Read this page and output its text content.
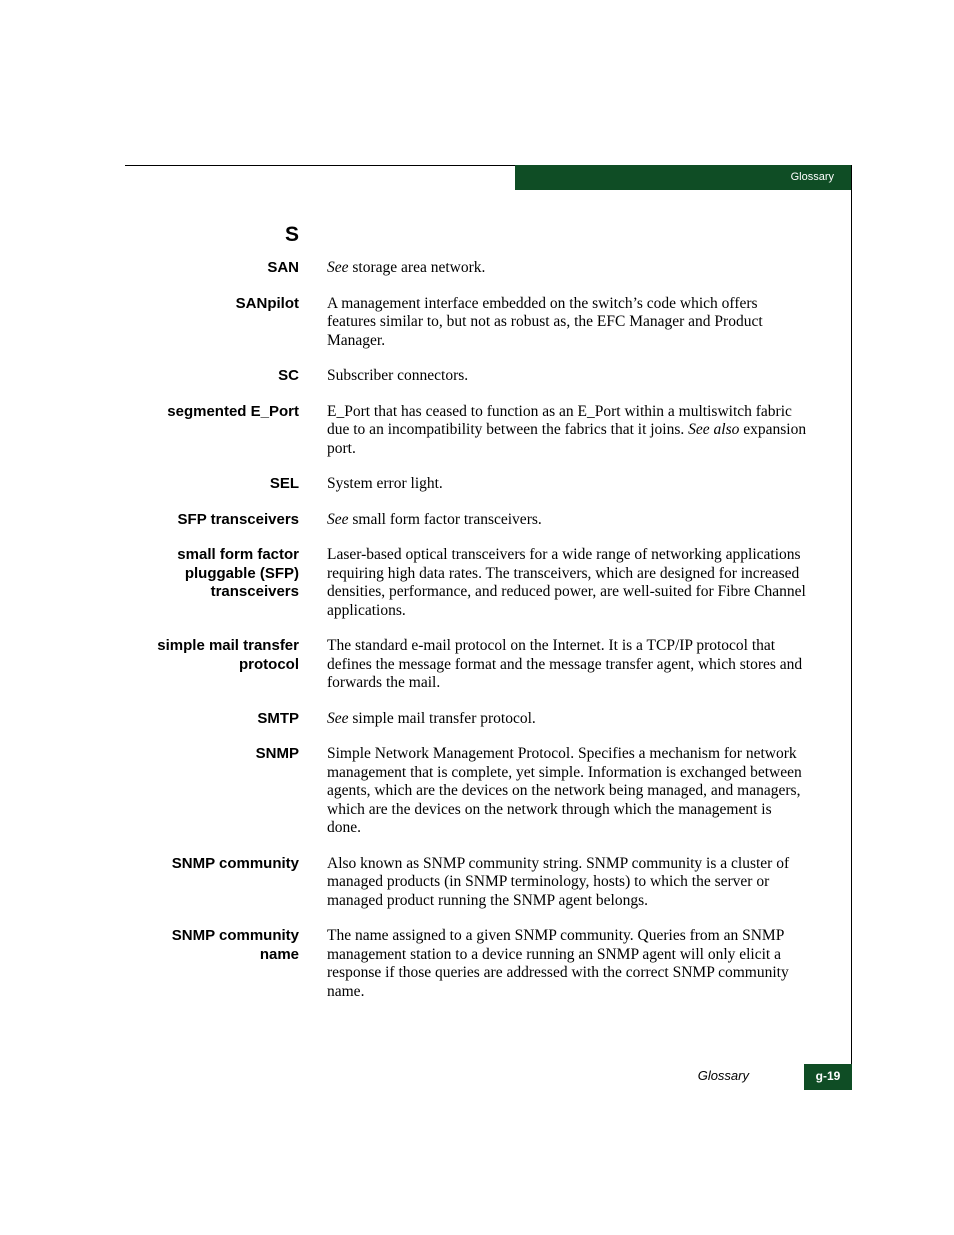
Glossary
S
SAN See storage area network.
SANpilot A management interface embedded on the switch’s code which offers features similar to, but not as robust as, the EFC Manager and Product Manager.
SC Subscriber connectors.
segmented E_Port E_Port that has ceased to function as an E_Port within a multiswitch fabric due to an incompatibility between the fabrics that it joins. See also expansion port.
SEL System error light.
SFP transceivers See small form factor transceivers.
small form factor pluggable (SFP) transceivers
Laser-based optical transceivers for a wide range of networking applications requiring high data rates. The transceivers, which are designed for increased densities, performance, and reduced power, are well-suited for Fibre Channel applications.
simple mail transfer protocol
The standard e-mail protocol on the Internet. It is a TCP/IP protocol that defines the message format and the message transfer agent, which stores and forwards the mail.
SMTP See simple mail transfer protocol.
SNMP Simple Network Management Protocol. Specifies a mechanism for network management that is complete, yet simple. Information is exchanged between agents, which are the devices on the network being managed, and managers, which are the devices on the network through which the management is done.
SNMP community Also known as SNMP community string. SNMP community is a cluster of managed products (in SNMP terminology, hosts) to which the server or managed product running the SNMP agent belongs.
SNMP community name
The name assigned to a given SNMP community. Queries from an SNMP management station to a device running an SNMP agent will only elicit a response if those queries are addressed with the correct SNMP community name.
Glossary	g-19
